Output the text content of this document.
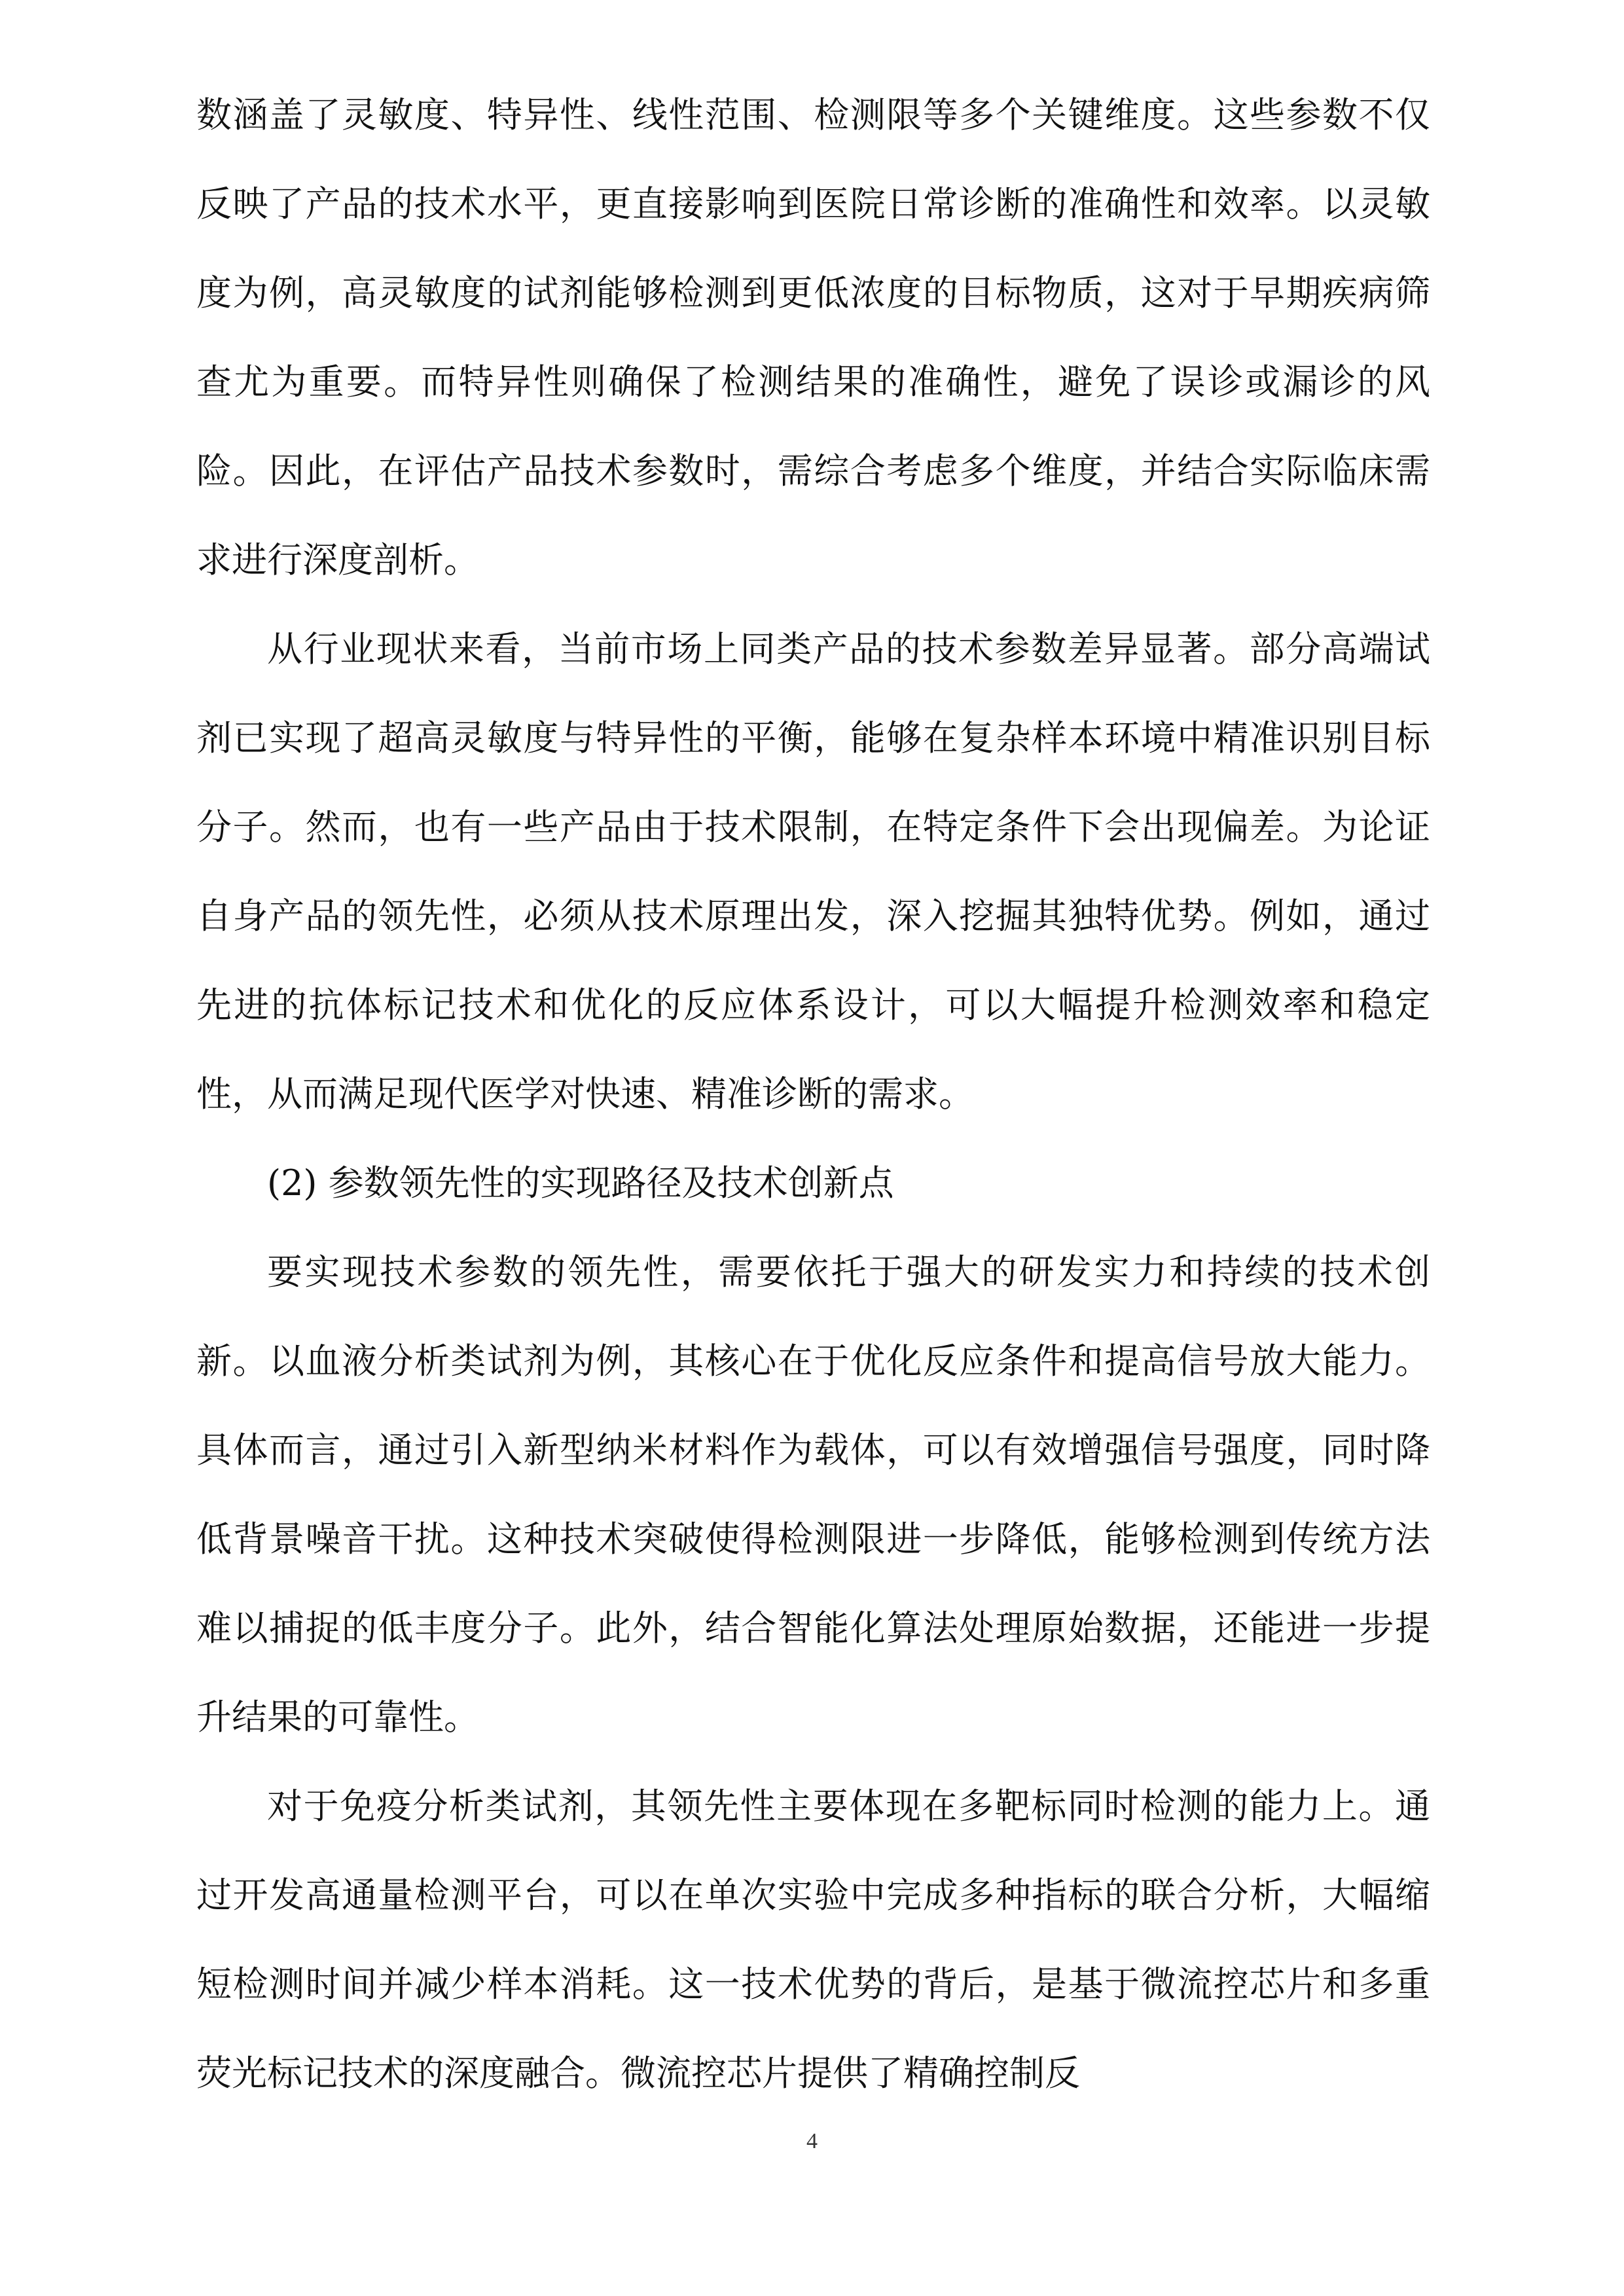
数涵盖了灵敏度、特异性、线性范围、检测限等多个关键维度。这些参数不仅反映了产品的技术水平，更直接影响到医院日常诊断的准确性和效率。以灵敏度为例，高灵敏度的试剂能够检测到更低浓度的目标物质，这对于早期疾病筛查尤为重要。而特异性则确保了检测结果的准确性，避免了误诊或漏诊的风险。因此，在评估产品技术参数时，需综合考虑多个维度，并结合实际临床需求进行深度剖析。

从行业现状来看，当前市场上同类产品的技术参数差异显著。部分高端试剂已实现了超高灵敏度与特异性的平衡，能够在复杂样本环境中精准识别目标分子。然而，也有一些产品由于技术限制，在特定条件下会出现偏差。为论证自身产品的领先性，必须从技术原理出发，深入挖掘其独特优势。例如，通过先进的抗体标记技术和优化的反应体系设计，可以大幅提升检测效率和稳定性，从而满足现代医学对快速、精准诊断的需求。

(2) 参数领先性的实现路径及技术创新点

要实现技术参数的领先性，需要依托于强大的研发实力和持续的技术创新。以血液分析类试剂为例，其核心在于优化反应条件和提高信号放大能力。具体而言，通过引入新型纳米材料作为载体，可以有效增强信号强度，同时降低背景噪音干扰。这种技术突破使得检测限进一步降低，能够检测到传统方法难以捕捉的低丰度分子。此外，结合智能化算法处理原始数据，还能进一步提升结果的可靠性。

对于免疫分析类试剂，其领先性主要体现在多靶标同时检测的能力上。通过开发高通量检测平台，可以在单次实验中完成多种指标的联合分析，大幅缩短检测时间并减少样本消耗。这一技术优势的背后，是基于微流控芯片和多重荧光标记技术的深度融合。微流控芯片提供了精确控制反

4
